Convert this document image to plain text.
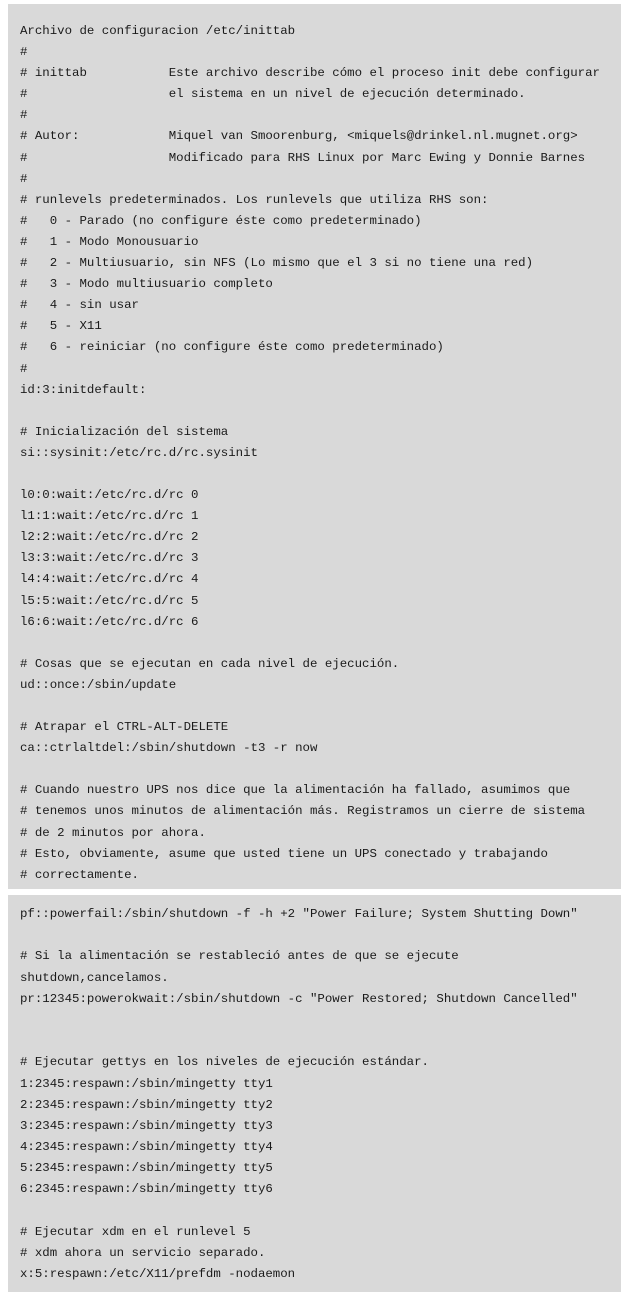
Archivo de configuracion /etc/inittab
#
# inittab           Este archivo describe cómo el proceso init debe configurar
#                   el sistema en un nivel de ejecución determinado.
#
# Autor:            Miquel van Smoorenburg, <miquels@drinkel.nl.mugnet.org>
#                   Modificado para RHS Linux por Marc Ewing y Donnie Barnes
#
# runlevels predeterminados. Los runlevels que utiliza RHS son:
#   0 - Parado (no configure éste como predeterminado)
#   1 - Modo Monousuario
#   2 - Multiusuario, sin NFS (Lo mismo que el 3 si no tiene una red)
#   3 - Modo multiusuario completo
#   4 - sin usar
#   5 - X11
#   6 - reiniciar (no configure éste como predeterminado)
#
id:3:initdefault:
# Inicialización del sistema
si::sysinit:/etc/rc.d/rc.sysinit
l0:0:wait:/etc/rc.d/rc 0
l1:1:wait:/etc/rc.d/rc 1
l2:2:wait:/etc/rc.d/rc 2
l3:3:wait:/etc/rc.d/rc 3
l4:4:wait:/etc/rc.d/rc 4
l5:5:wait:/etc/rc.d/rc 5
l6:6:wait:/etc/rc.d/rc 6
# Cosas que se ejecutan en cada nivel de ejecución.
ud::once:/sbin/update
# Atrapar el CTRL-ALT-DELETE
ca::ctrlaltdel:/sbin/shutdown -t3 -r now
# Cuando nuestro UPS nos dice que la alimentación ha fallado, asumimos que
# tenemos unos minutos de alimentación más. Registramos un cierre de sistema
# de 2 minutos por ahora.
# Esto, obviamente, asume que usted tiene un UPS conectado y trabajando
# correctamente.
pf::powerfail:/sbin/shutdown -f -h +2 "Power Failure; System Shutting Down"
# Si la alimentación se restableció antes de que se ejecute
shutdown,cancelamos.
pr:12345:powerokwait:/sbin/shutdown -c "Power Restored; Shutdown Cancelled"
# Ejecutar gettys en los niveles de ejecución estándar.
1:2345:respawn:/sbin/mingetty tty1
2:2345:respawn:/sbin/mingetty tty2
3:2345:respawn:/sbin/mingetty tty3
4:2345:respawn:/sbin/mingetty tty4
5:2345:respawn:/sbin/mingetty tty5
6:2345:respawn:/sbin/mingetty tty6
# Ejecutar xdm en el runlevel 5
# xdm ahora un servicio separado.
x:5:respawn:/etc/X11/prefdm -nodaemon
